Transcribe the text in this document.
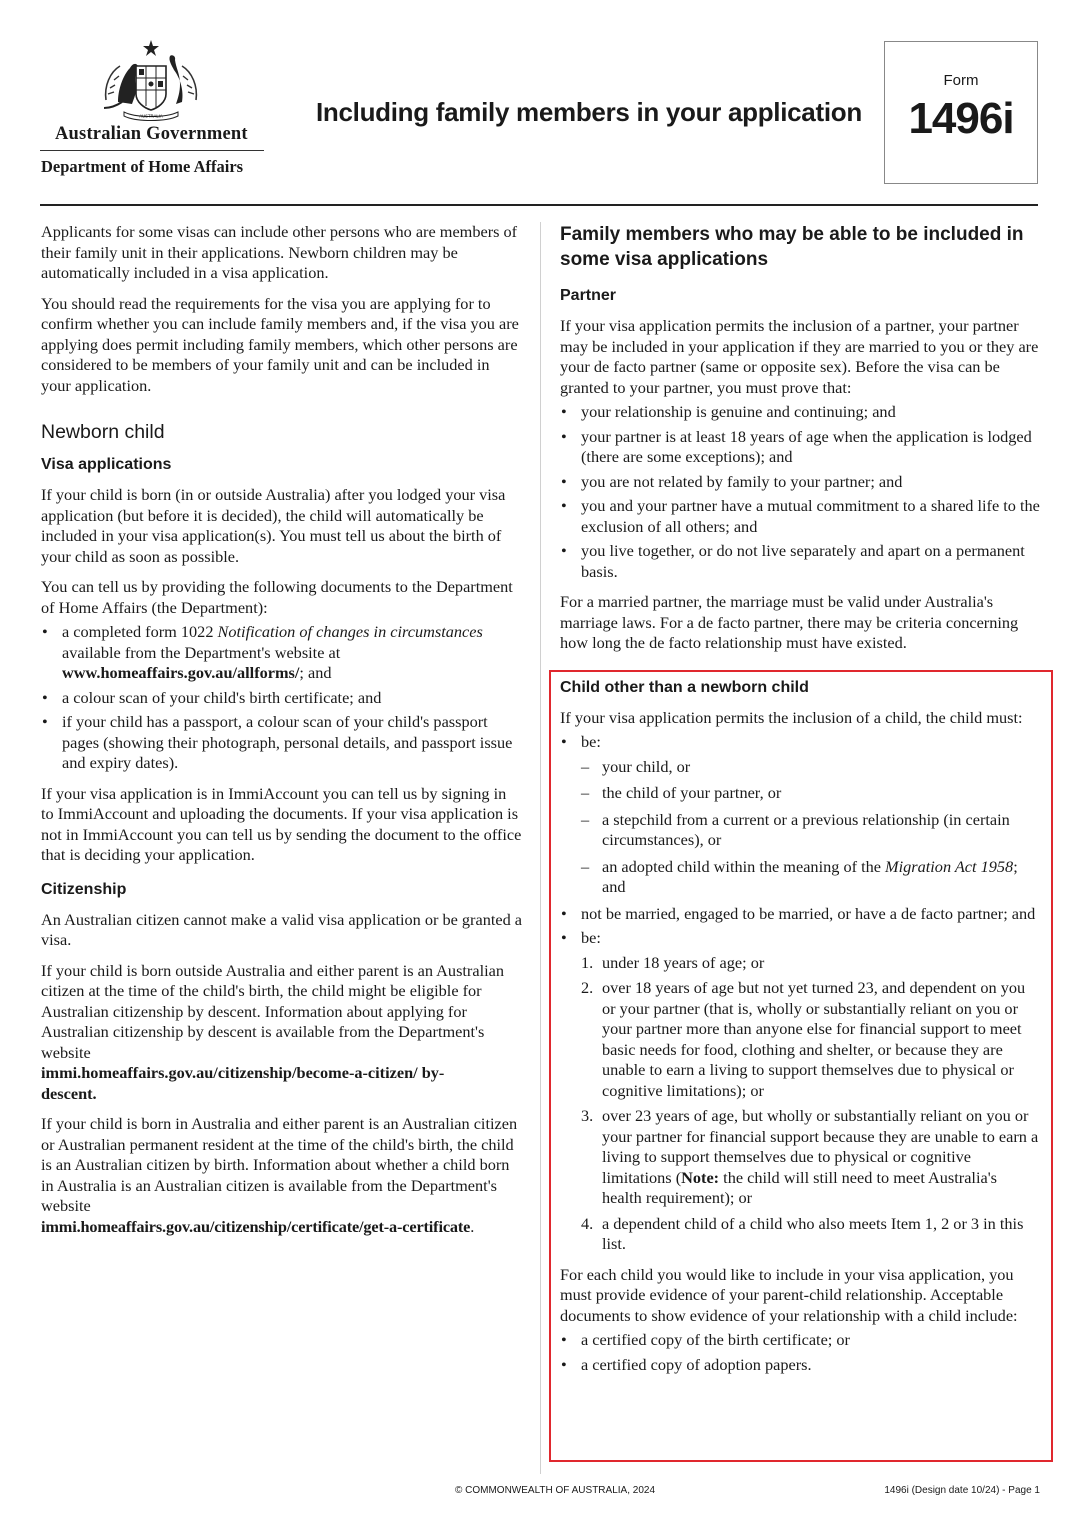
AUSTRALIA
Australian Government
Department of Home Affairs
Including family members in your application
Form
1496i

Applicants for some visas can include other persons who are members of their family unit in their applications. Newborn children may be automatically included in a visa application.

You should read the requirements for the visa you are applying for to confirm whether you can include family members and, if the visa you are applying does permit including family members, which other persons are considered to be members of your family unit and can be included in your application.

Newborn child
Visa applications

If your child is born (in or outside Australia) after you lodged your visa application (but before it is decided), the child will automatically be included in your visa application(s). You must tell us about the birth of your child as soon as possible.

You can tell us by providing the following documents to the Department of Home Affairs (the Department):

• a completed form 1022 Notification of changes in circumstances available from the Department's website at www.homeaffairs.gov.au/allforms/; and
• a colour scan of your child's birth certificate; and
• if your child has a passport, a colour scan of your child's passport pages (showing their photograph, personal details, and passport issue and expiry dates).

If your visa application is in ImmiAccount you can tell us by signing in to ImmiAccount and uploading the documents. If your visa application is not in ImmiAccount you can tell us by sending the document to the office that is deciding your application.

Citizenship

An Australian citizen cannot make a valid visa application or be granted a visa.

If your child is born outside Australia and either parent is an Australian citizen at the time of the child's birth, the child might be eligible for Australian citizenship by descent. Information about applying for Australian citizenship by descent is available from the Department's website
immi.homeaffairs.gov.au/citizenship/become-a-citizen/ by-descent.

If your child is born in Australia and either parent is an Australian citizen or Australian permanent resident at the time of the child's birth, the child is an Australian citizen by birth. Information about whether a child born in Australia is an Australian citizen is available from the Department's website immi.homeaffairs.gov.au/citizenship/certificate/get-a-certificate.

Family members who may be able to be included in some visa applications
Partner

If your visa application permits the inclusion of a partner, your partner may be included in your application if they are married to you or they are your de facto partner (same or opposite sex). Before the visa can be granted to your partner, you must prove that:

• your relationship is genuine and continuing; and
• your partner is at least 18 years of age when the application is lodged (there are some exceptions); and
• you are not related by family to your partner; and
• you and your partner have a mutual commitment to a shared life to the exclusion of all others; and
• you live together, or do not live separately and apart on a permanent basis.

For a married partner, the marriage must be valid under Australia's marriage laws. For a de facto partner, there may be criteria concerning how long the de facto relationship must have existed.

Child other than a newborn child

If your visa application permits the inclusion of a child, the child must:

• be:
– your child, or
– the child of your partner, or
– a stepchild from a current or a previous relationship (in certain circumstances), or
– an adopted child within the meaning of the Migration Act 1958; and
• not be married, engaged to be married, or have a de facto partner; and
• be:
1. under 18 years of age; or
2. over 18 years of age but not yet turned 23, and dependent on you or your partner (that is, wholly or substantially reliant on you or your partner more than anyone else for financial support to meet basic needs for food, clothing and shelter, or because they are unable to earn a living to support themselves due to physical or cognitive limitations); or
3. over 23 years of age, but wholly or substantially reliant on you or your partner for financial support because they are unable to earn a living to support themselves due to physical or cognitive limitations (Note: the child will still need to meet Australia's health requirement); or
4. a dependent child of a child who also meets Item 1, 2 or 3 in this list.

For each child you would like to include in your visa application, you must provide evidence of your parent-child relationship. Acceptable documents to show evidence of your relationship with a child include:

• a certified copy of the birth certificate; or
• a certified copy of adoption papers.
© COMMONWEALTH OF AUSTRALIA, 2024	1496i (Design date 10/24) - Page 1
